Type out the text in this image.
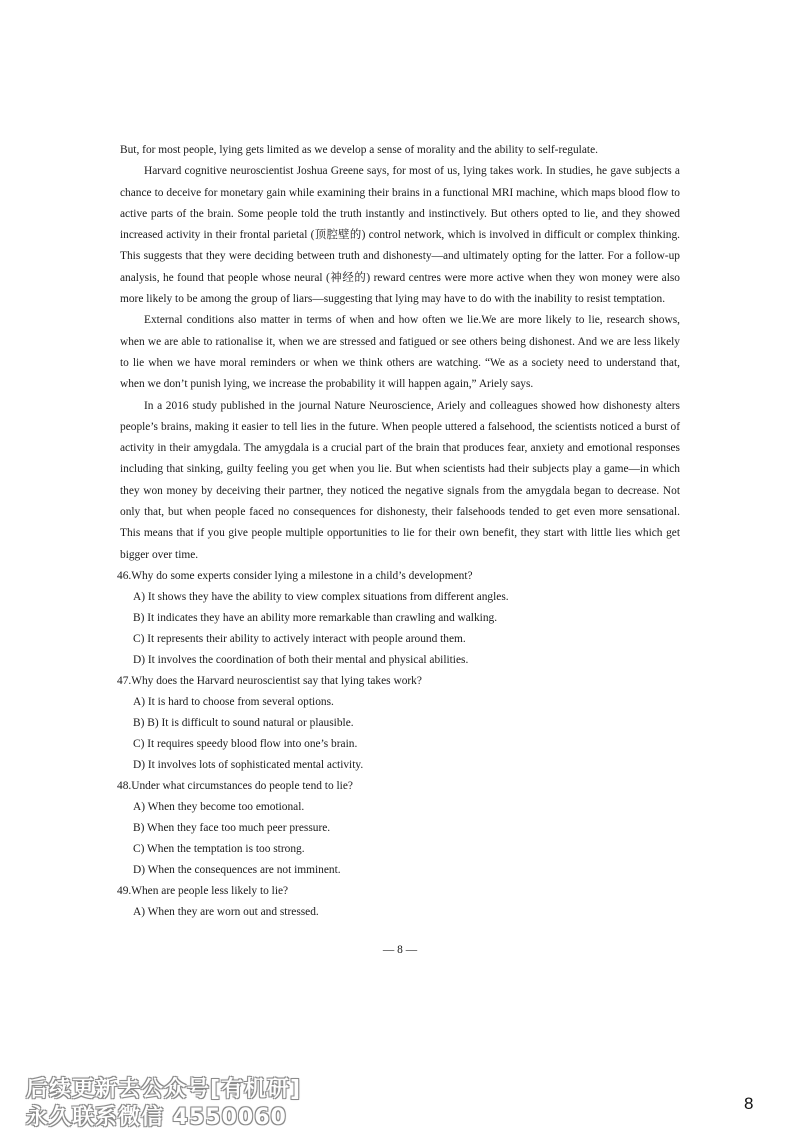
But, for most people, lying gets limited as we develop a sense of morality and the ability to self-regulate.

Harvard cognitive neuroscientist Joshua Greene says, for most of us, lying takes work. In studies, he gave subjects a chance to deceive for monetary gain while examining their brains in a functional MRI machine, which maps blood flow to active parts of the brain. Some people told the truth instantly and instinctively. But others opted to lie, and they showed increased activity in their frontal parietal (顶腔壁的) control network, which is involved in difficult or complex thinking. This suggests that they were deciding between truth and dishonesty—and ultimately opting for the latter. For a follow-up analysis, he found that people whose neural (神经的) reward centres were more active when they won money were also more likely to be among the group of liars—suggesting that lying may have to do with the inability to resist temptation.

External conditions also matter in terms of when and how often we lie.We are more likely to lie, research shows, when we are able to rationalise it, when we are stressed and fatigued or see others being dishonest. And we are less likely to lie when we have moral reminders or when we think others are watching. “We as a society need to understand that, when we don’t punish lying, we increase the probability it will happen again,” Ariely says.

In a 2016 study published in the journal Nature Neuroscience, Ariely and colleagues showed how dishonesty alters people’s brains, making it easier to tell lies in the future. When people uttered a falsehood, the scientists noticed a burst of activity in their amygdala. The amygdala is a crucial part of the brain that produces fear, anxiety and emotional responses including that sinking, guilty feeling you get when you lie. But when scientists had their subjects play a game—in which they won money by deceiving their partner, they noticed the negative signals from the amygdala began to decrease. Not only that, but when people faced no consequences for dishonesty, their falsehoods tended to get even more sensational. This means that if you give people multiple opportunities to lie for their own benefit, they start with little lies which get bigger over time.

46.Why do some experts consider lying a milestone in a child’s development?
A) It shows they have the ability to view complex situations from different angles.
B) It indicates they have an ability more remarkable than crawling and walking.
C) It represents their ability to actively interact with people around them.
D) It involves the coordination of both their mental and physical abilities.
47.Why does the Harvard neuroscientist say that lying takes work?
A) It is hard to choose from several options.
B) B) It is difficult to sound natural or plausible.
C) It requires speedy blood flow into one’s brain.
D) It involves lots of sophisticated mental activity.
48.Under what circumstances do people tend to lie?
A) When they become too emotional.
B) When they face too much peer pressure.
C) When the temptation is too strong.
D) When the consequences are not imminent.
49.When are people less likely to lie?
A) When they are worn out and stressed.
— 8 —
后续更新去公众号[有机研]
永久联系微信 4550060
8
